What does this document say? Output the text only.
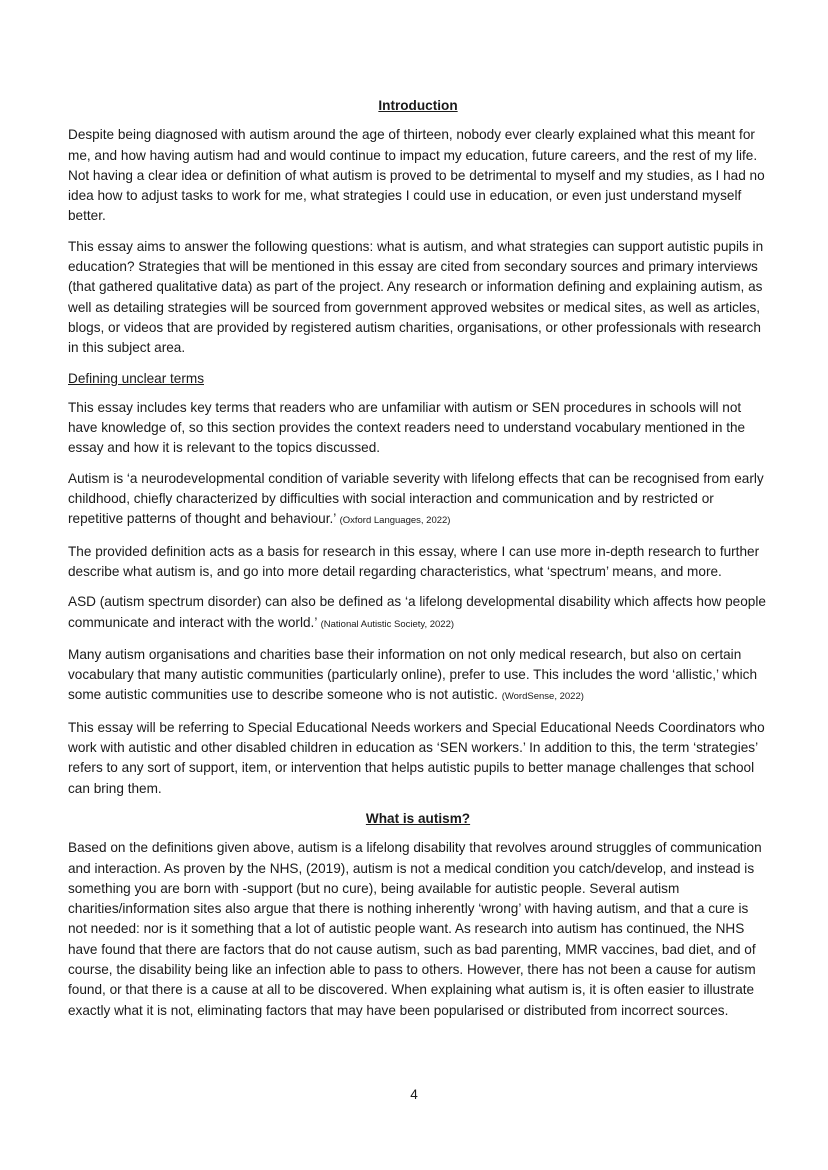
Introduction

Despite being diagnosed with autism around the age of thirteen, nobody ever clearly explained what this meant for me, and how having autism had and would continue to impact my education, future careers, and the rest of my life. Not having a clear idea or definition of what autism is proved to be detrimental to myself and my studies, as I had no idea how to adjust tasks to work for me, what strategies I could use in education, or even just understand myself better.

This essay aims to answer the following questions: what is autism, and what strategies can support autistic pupils in education? Strategies that will be mentioned in this essay are cited from secondary sources and primary interviews (that gathered qualitative data) as part of the project. Any research or information defining and explaining autism, as well as detailing strategies will be sourced from government approved websites or medical sites, as well as articles, blogs, or videos that are provided by registered autism charities, organisations, or other professionals with research in this subject area.

Defining unclear terms

This essay includes key terms that readers who are unfamiliar with autism or SEN procedures in schools will not have knowledge of, so this section provides the context readers need to understand vocabulary mentioned in the essay and how it is relevant to the topics discussed.

Autism is ‘a neurodevelopmental condition of variable severity with lifelong effects that can be recognised from early childhood, chiefly characterized by difficulties with social interaction and communication and by restricted or repetitive patterns of thought and behaviour.’ (Oxford Languages, 2022)

The provided definition acts as a basis for research in this essay, where I can use more in-depth research to further describe what autism is, and go into more detail regarding characteristics, what ‘spectrum’ means, and more.

ASD (autism spectrum disorder) can also be defined as ‘a lifelong developmental disability which affects how people communicate and interact with the world.’ (National Autistic Society, 2022)

Many autism organisations and charities base their information on not only medical research, but also on certain vocabulary that many autistic communities (particularly online), prefer to use. This includes the word ‘allistic,’ which some autistic communities use to describe someone who is not autistic. (WordSense, 2022)

This essay will be referring to Special Educational Needs workers and Special Educational Needs Coordinators who work with autistic and other disabled children in education as ‘SEN workers.’ In addition to this, the term ‘strategies’ refers to any sort of support, item, or intervention that helps autistic pupils to better manage challenges that school can bring them.

What is autism?

Based on the definitions given above, autism is a lifelong disability that revolves around struggles of communication and interaction. As proven by the NHS, (2019), autism is not a medical condition you catch/develop, and instead is something you are born with -support (but no cure), being available for autistic people. Several autism charities/information sites also argue that there is nothing inherently ‘wrong’ with having autism, and that a cure is not needed: nor is it something that a lot of autistic people want. As research into autism has continued, the NHS have found that there are factors that do not cause autism, such as bad parenting, MMR vaccines, bad diet, and of course, the disability being like an infection able to pass to others. However, there has not been a cause for autism found, or that there is a cause at all to be discovered. When explaining what autism is, it is often easier to illustrate exactly what it is not, eliminating factors that may have been popularised or distributed from incorrect sources.

4
